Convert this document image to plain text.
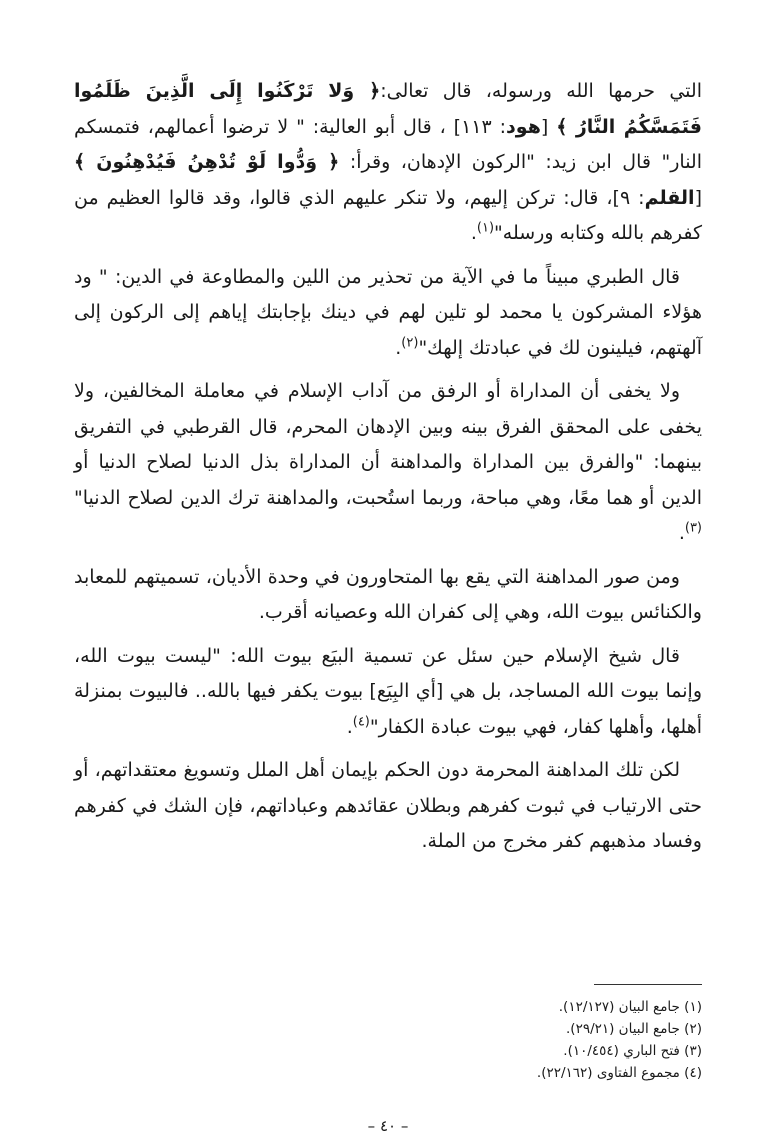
التي حرمها الله ورسوله، قال تعالى:﴿ وَلا تَرْكَنُوا إِلَى الَّذِينَ ظَلَمُوا فَتَمَسَّكُمُ النَّارُ ﴾ [هود: ١١٣] ، قال أبو العالية: " لا ترضوا أعمالهم، فتمسكم النار" قال ابن زيد: "الركون الإدهان، وقرأ: ﴿ وَدُّوا لَوْ تُدْهِنُ فَيُدْهِنُونَ ﴾ [القلم: ٩]، قال: تركن إليهم، ولا تنكر عليهم الذي قالوا، وقد قالوا العظيم من كفرهم بالله وكتابه ورسله"$^{(١)}$.

قال الطبري مبيناً ما في الآية من تحذير من اللين والمطاوعة في الدين: " ود هؤلاء المشركون يا محمد لو تلين لهم في دينك بإجابتك إياهم إلى الركون إلى آلهتهم، فيلينون لك في عبادتك إلهك"$^{(٢)}$.

ولا يخفى أن المداراة أو الرفق من آداب الإسلام في معاملة المخالفين، ولا يخفى على المحقق الفرق بينه وبين الإدهان المحرم، قال القرطبي في التفريق بينهما: "والفرق بين المداراة والمداهنة أن المداراة بذل الدنيا لصلاح الدنيا أو الدين أو هما معًا، وهي مباحة، وربما استُحبت، والمداهنة ترك الدين لصلاح الدنيا"$^{(٣)}$.

ومن صور المداهنة التي يقع بها المتحاورون في وحدة الأديان، تسميتهم للمعابد والكنائس بيوت الله، وهي إلى كفران الله وعصيانه أقرب.

قال شيخ الإسلام حين سئل عن تسمية البيَع بيوت الله: "ليست بيوت الله، وإنما بيوت الله المساجد، بل هي [أي البِيَع] بيوت يكفر فيها بالله.. فالبيوت بمنزلة أهلها، وأهلها كفار، فهي بيوت عبادة الكفار"$^{(٤)}$.

لكن تلك المداهنة المحرمة دون الحكم بإيمان أهل الملل وتسويغ معتقداتهم، أو حتى الارتياب في ثبوت كفرهم وبطلان عقائدهم وعباداتهم، فإن الشك في كفرهم وفساد مذهبهم كفر مخرج من الملة.

(١) جامع البيان (١٢/١٢٧).
(٢) جامع البيان (٢٩/٢١).
(٣) فتح الباري (١٠/٤٥٤).
(٤) مجموع الفتاوى (٢٢/١٦٢).
– ٤٠ –
